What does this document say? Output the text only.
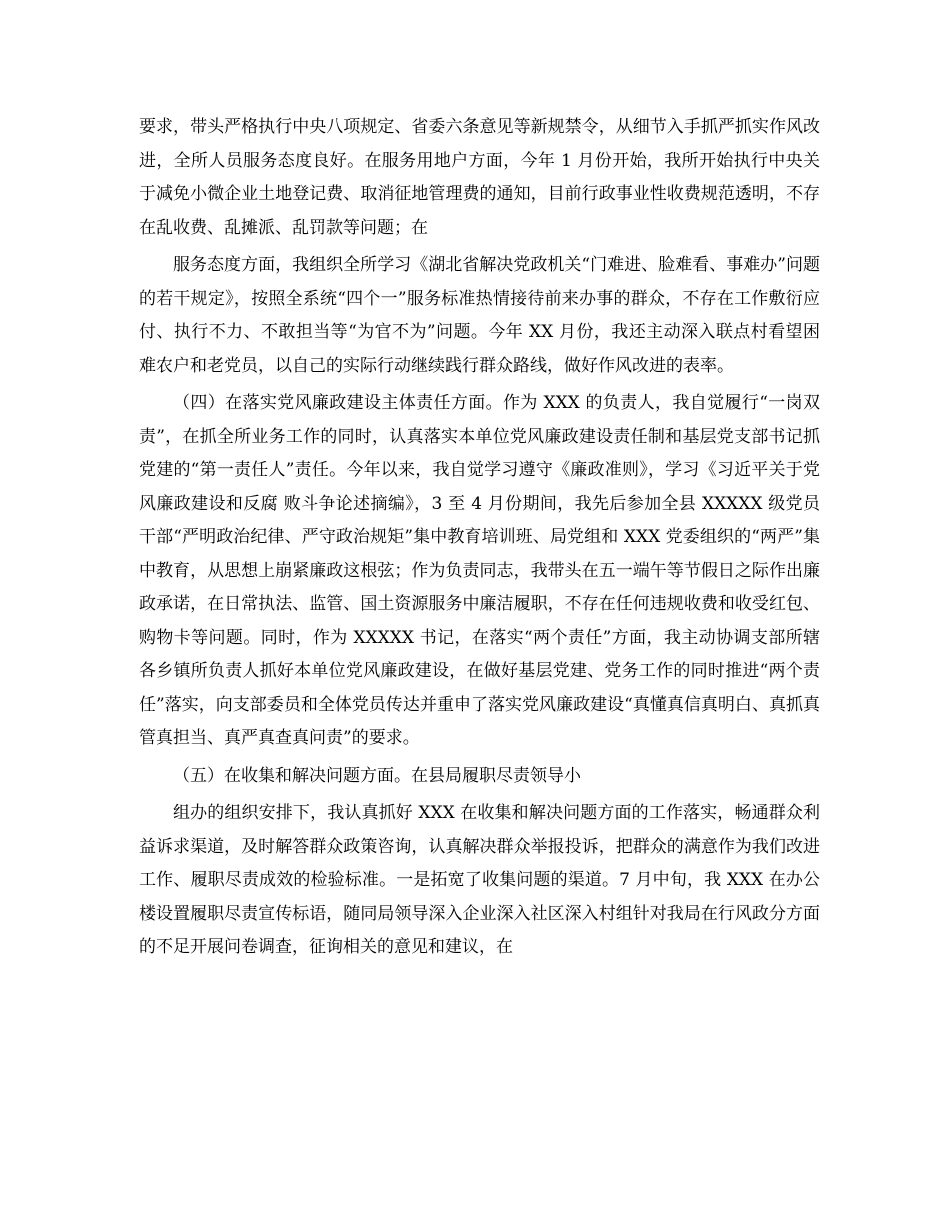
要求，带头严格执行中央八项规定、省委六条意见等新规禁令，从细节入手抓严抓实作风改进，全所人员服务态度良好。在服务用地户方面，今年 1 月份开始，我所开始执行中央关于减免小微企业土地登记费、取消征地管理费的通知，目前行政事业性收费规范透明，不存在乱收费、乱摊派、乱罚款等问题；在

服务态度方面，我组织全所学习《湖北省解决党政机关“门难进、脸难看、事难办”问题的若干规定》，按照全系统“四个一”服务标准热情接待前来办事的群众，不存在工作敷衍应付、执行不力、不敢担当等“为官不为”问题。今年 XX 月份，我还主动深入联点村看望困难农户和老党员，以自己的实际行动继续践行群众路线，做好作风改进的表率。

（四）在落实党风廉政建设主体责任方面。作为 XXX 的负责人，我自觉履行“一岗双责”，在抓全所业务工作的同时，认真落实本单位党风廉政建设责任制和基层党支部书记抓党建的“第一责任人”责任。今年以来，我自觉学习遵守《廉政准则》，学习《习近平关于党风廉政建设和反腐 败斗争论述摘编》，3 至 4 月份期间，我先后参加全县 XXXXX 级党员干部“严明政治纪律、严守政治规矩”集中教育培训班、局党组和 XXX 党委组织的“两严”集中教育，从思想上崩紧廉政这根弦；作为负责同志，我带头在五一端午等节假日之际作出廉政承诺，在日常执法、监管、国土资源服务中廉洁履职，不存在任何违规收费和收受红包、购物卡等问题。同时，作为 XXXXX 书记，在落实“两个责任”方面，我主动协调支部所辖各乡镇所负责人抓好本单位党风廉政建设，在做好基层党建、党务工作的同时推进“两个责任”落实，向支部委员和全体党员传达并重申了落实党风廉政建设“真懂真信真明白、真抓真管真担当、真严真查真问责”的要求。

（五）在收集和解决问题方面。在县局履职尽责领导小

组办的组织安排下，我认真抓好 XXX 在收集和解决问题方面的工作落实，畅通群众利益诉求渠道，及时解答群众政策咨询，认真解决群众举报投诉，把群众的满意作为我们改进工作、履职尽责成效的检验标准。一是拓宽了收集问题的渠道。7 月中旬，我 XXX 在办公楼设置履职尽责宣传标语，随同局领导深入企业深入社区深入村组针对我局在行风政分方面的不足开展问卷调查，征询相关的意见和建议，在
